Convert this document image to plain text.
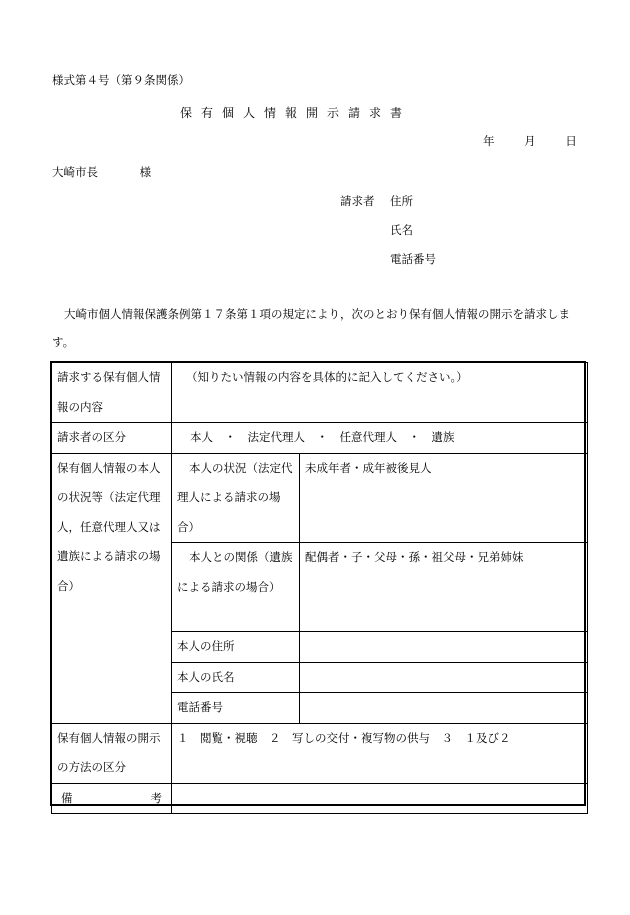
様式第４号（第９条関係）
保有個人情報開示請求書
年	月	日
大崎市長	様
請求者 住所
氏名
電話番号
大崎市個人情報保護条例第１７条第１項の規定により，次のとおり保有個人情報の開示を請求します。
請求する保有個人情報の内容	（知りたい情報の内容を具体的に記入してください。）	
請求者の区分	本人　・　法定代理人　・　任意代理人　・　遺族	
保有個人情報の本人の状況等（法定代理人，任意代理人又は遺族による請求の場合）	本人の状況（法定代理人による請求の場合）	未成年者・成年被後見人
	本人との関係（遺族による請求の場合）	配偶者・子・父母・孫・祖父母・兄弟姉妹
	本人の住所	
	本人の氏名	
	電話番号	
保有個人情報の開示の方法の区分	１　閲覧・視聴　２　写しの交付・複写物の供与　３　１及び２	

備 考		
